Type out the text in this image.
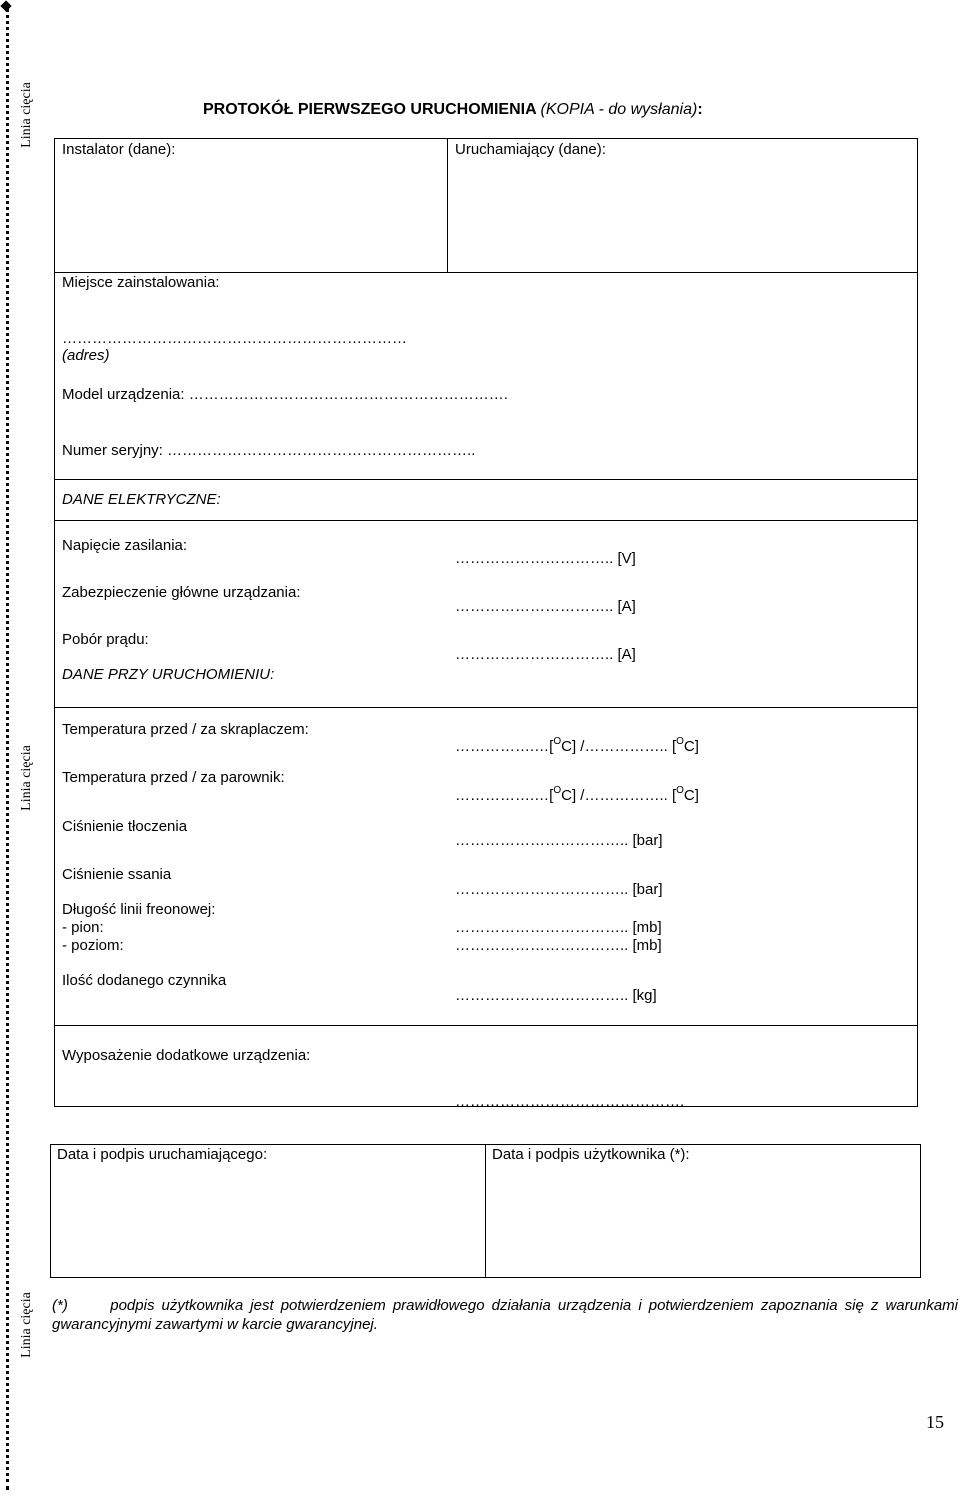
Linia cięcia
Linia cięcia
Linia cięcia
PROTOKÓŁ PIERWSZEGO URUCHOMIENIA (KOPIA - do wysłania):
Instalator (dane):	Uruchamiający (dane):
Miejsce zainstalowania:
……………………………………………………………
(adres)
Model urządzenia: ……………………………………………………….
Numer seryjny: ……………………………………………………..
DANE ELEKTRYCZNE:
Napięcie zasilania:
………………………….. [V]
Zabezpieczenie główne urządzania:
………………………….. [A]
Pobór prądu:
………………………….. [A]
DANE PRZY URUCHOMIENIU:
Temperatura przed / za skraplaczem:
…………….…[$^O$C] /…………….. [$^O$C]
Temperatura przed / za parownik:
…………….…[$^O$C] /…………….. [$^O$C]
Ciśnienie tłoczenia
…………………………….. [bar]
Ciśnienie ssania
…………………………….. [bar]
Długość linii freonowej:
- pion:	…………………………….. [mb]
- poziom:	…………………………….. [mb]
Ilość dodanego czynnika
…………………………….. [kg]
Wyposażenie dodatkowe urządzenia:
……………………………………….
Data i podpis uruchamiającego:	Data i podpis użytkownika (*):
(*)	podpis użytkownika jest potwierdzeniem prawidłowego działania urządzenia i potwierdzeniem zapoznania się z warunkami gwarancyjnymi zawartymi w karcie gwarancyjnej.
15
